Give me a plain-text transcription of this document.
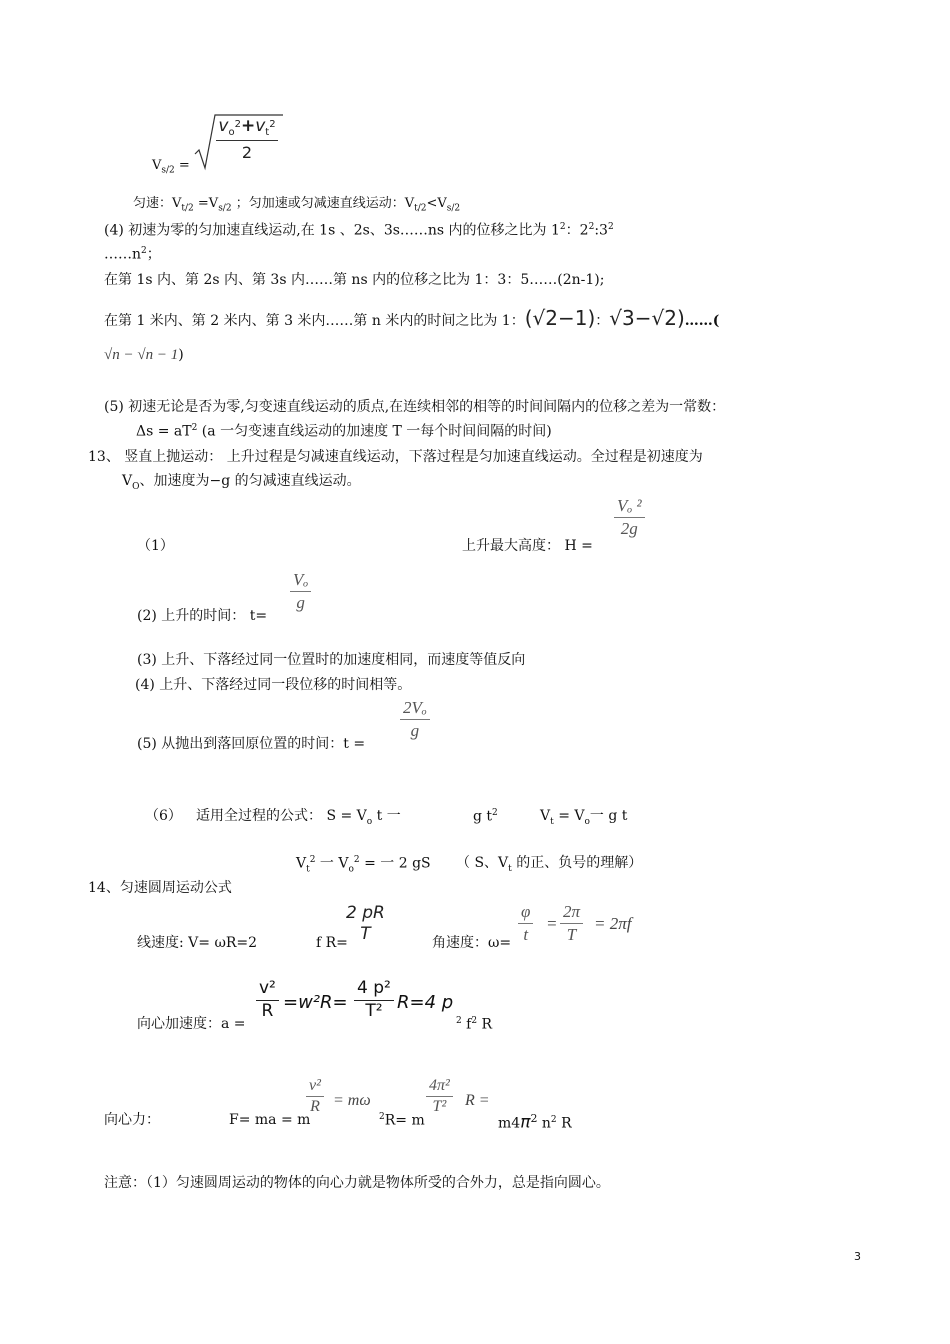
$V_{s/2}$ =
$v_o^2+v_t^2$
2
匀速：$V_{t/2} =V_{s/2}$ ；匀加速或匀减速直线运动：$V_{t/2}<V_{s/2}$
(4) 初速为零的匀加速直线运动,在 1s 、2s、3s……ns 内的位移之比为 $1^2$：$2^2:3^2$
$\dots\dots n^2$；
在第 1s 内、第 2s 内、第 3s 内……第 ns 内的位移之比为 1：3：5……(2n-1);
在第 1 米内、第 2 米内、第 3 米内……第 n 米内的时间之比为 1：(√2−1)：√3−√2)……(
√n − √n − 1)
(5) 初速无论是否为零,匀变速直线运动的质点,在连续相邻的相等的时间间隔内的位移之差为一常数：
$\Delta s = aT^2$ (a 一匀变速直线运动的加速度 T 一每个时间间隔的时间)
13、 竖直上抛运动： 上升过程是匀减速直线运动，下落过程是匀加速直线运动。全过程是初速度为
$V_O$、加速度为−g 的匀减速直线运动。
（1）	上升最大高度： H =
Vₒ ²
2g
(2) 上升的时间： t=
Vₒ
g
(3) 上升、下落经过同一位置时的加速度相同，而速度等值反向
(4) 上升、下落经过同一段位移的时间相等。
(5) 从抛出到落回原位置的时间：t =
2Vₒ
g
（6） 适用全过程的公式： $S = V_o$ t 一	g $t^2$	$V_t = V_o$一 g t
$V_t^2$ 一 $V_o^2$ = 一 2 gS （ S、$V_t$ 的正、负号的理解）
14、匀速圆周运动公式
线速度: V= ωR=2
2 pR
T
f R=	角速度：ω=
φ
t
=
2π
T
= 2πf
向心加速度：a =
v²
R =w²R=
4 p²
T² R=4 p
$^2$ $f^2$ R
向心力：	F= ma = m
v²
R = mω
$^2$R= m
4π²
T²	R =
$m4\pi^2$ $n^2$ R
注意：（1）匀速圆周运动的物体的向心力就是物体所受的合外力，总是指向圆心。
3
